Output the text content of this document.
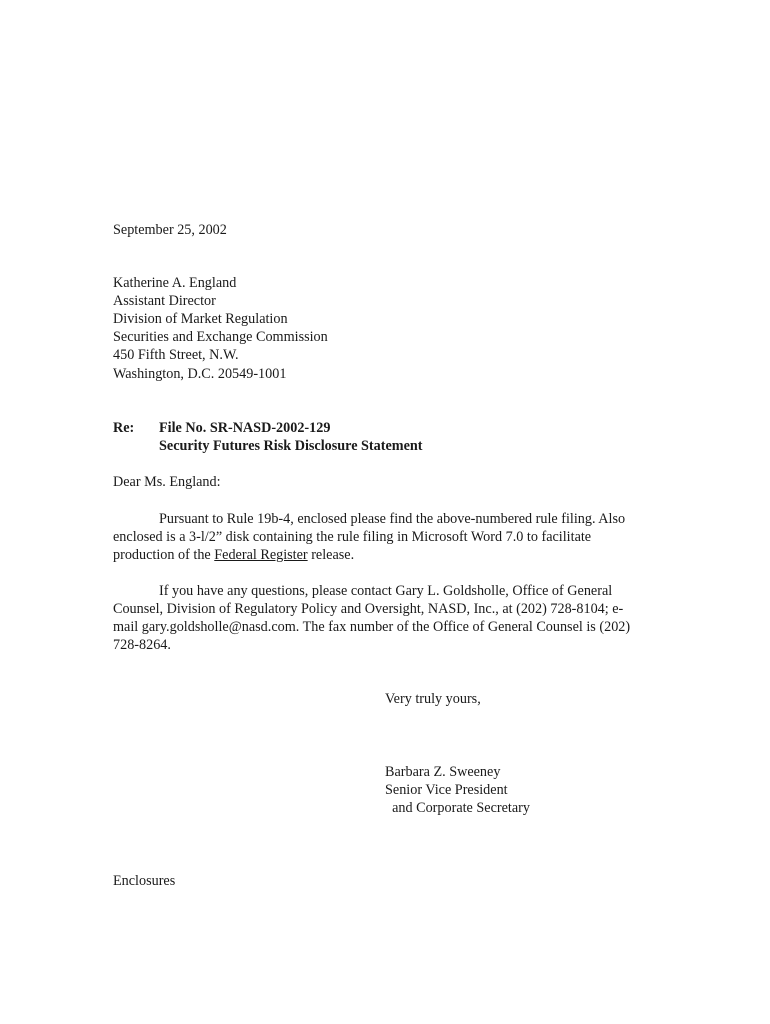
September 25, 2002
Katherine A. England
Assistant Director
Division of Market Regulation
Securities and Exchange Commission
450 Fifth Street, N.W.
Washington, D.C. 20549-1001
Re: File No. SR-NASD-2002-129
Security Futures Risk Disclosure Statement
Dear Ms. England:
Pursuant to Rule 19b-4, enclosed please find the above-numbered rule filing. Also
enclosed is a 3-l/2” disk containing the rule filing in Microsoft Word 7.0 to facilitate
production of the Federal Register release.
If you have any questions, please contact Gary L. Goldsholle, Office of General
Counsel, Division of Regulatory Policy and Oversight, NASD, Inc., at (202) 728-8104; e-
mail gary.goldsholle@nasd.com. The fax number of the Office of General Counsel is (202)
728-8264.
Very truly yours,
Barbara Z. Sweeney
Senior Vice President
and Corporate Secretary
Enclosures
